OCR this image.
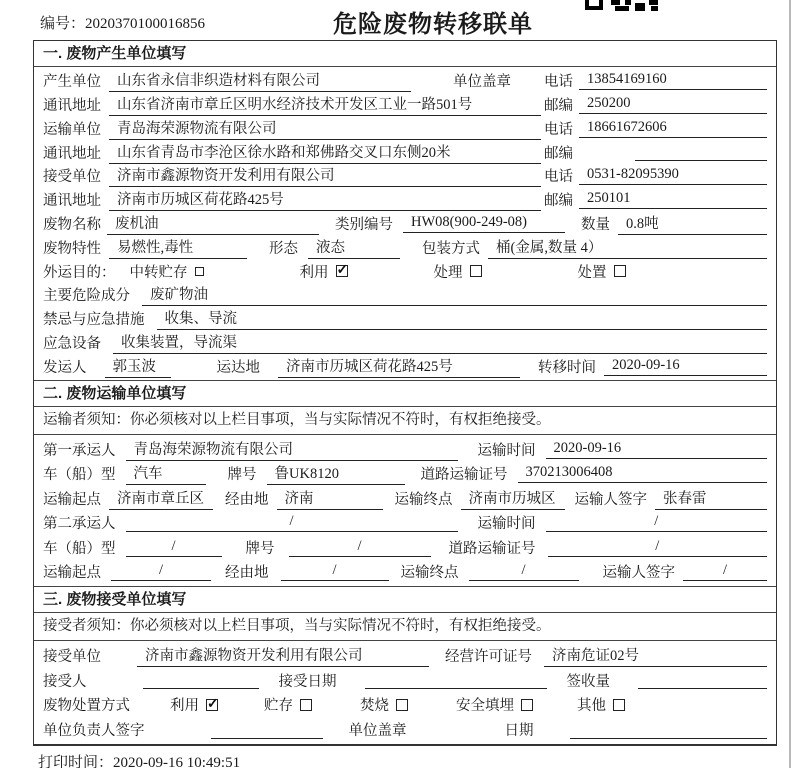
编号：2020370100016856	危险废物转移联单
一. 废物产生单位填写
产生单位	山东省永信非织造材料有限公司	单位盖章 电话 13854169160
通讯地址	山东省济南市章丘区明水经济技术开发区工业一路501号	邮编 250200
运输单位	青岛海荣源物流有限公司	电话 18661672606
通讯地址	山东省青岛市李沧区徐水路和郑佛路交叉口东侧20米	邮编
接受单位	济南市鑫源物资开发利用有限公司	电话 0531-82095390
通讯地址	济南市历城区荷花路425号	邮编 250101
废物名称 废机油	类别编号	HW08(900-249-08)	数量	0.8吨
废物特性	易燃性,毒性	形态	液态	包装方式	桶(金属,数量 4）
外运目的： 中转贮存	利用 ✓	处理	处置
主要危险成分	废矿物油
禁忌与应急措施	收集、导流
应急设备	收集装置，导流渠
发运人	郭玉波	运达地	济南市历城区荷花路425号	转移时间	2020-09-16
二. 废物运输单位填写
运输者须知：你必须核对以上栏目事项，当与实际情况不符时，有权拒绝接受。
第一承运人	青岛海荣源物流有限公司	运输时间	2020-09-16
车（船）型	汽车	牌号	鲁UK8120	道路运输证号	370213006408
运输起点	济南市章丘区	经由地	济南	运输终点	济南市历城区	运输人签字	张春雷
第二承运人	/	运输时间	/
车（船）型	/	牌号	/	道路运输证号	/
运输起点	/	经由地	/	运输终点	/	运输人签字	/
三. 废物接受单位填写
接受者须知：你必须核对以上栏目事项，当与实际情况不符时，有权拒绝接受。
接受单位	济南市鑫源物资开发利用有限公司	经营许可证号	济南危证02号
接受人	接受日期	签收量
废物处置方式	利用 ✓	贮存	焚烧	安全填埋	其他
单位负责人签字	单位盖章	日期
打印时间：2020-09-16 10:49:51
